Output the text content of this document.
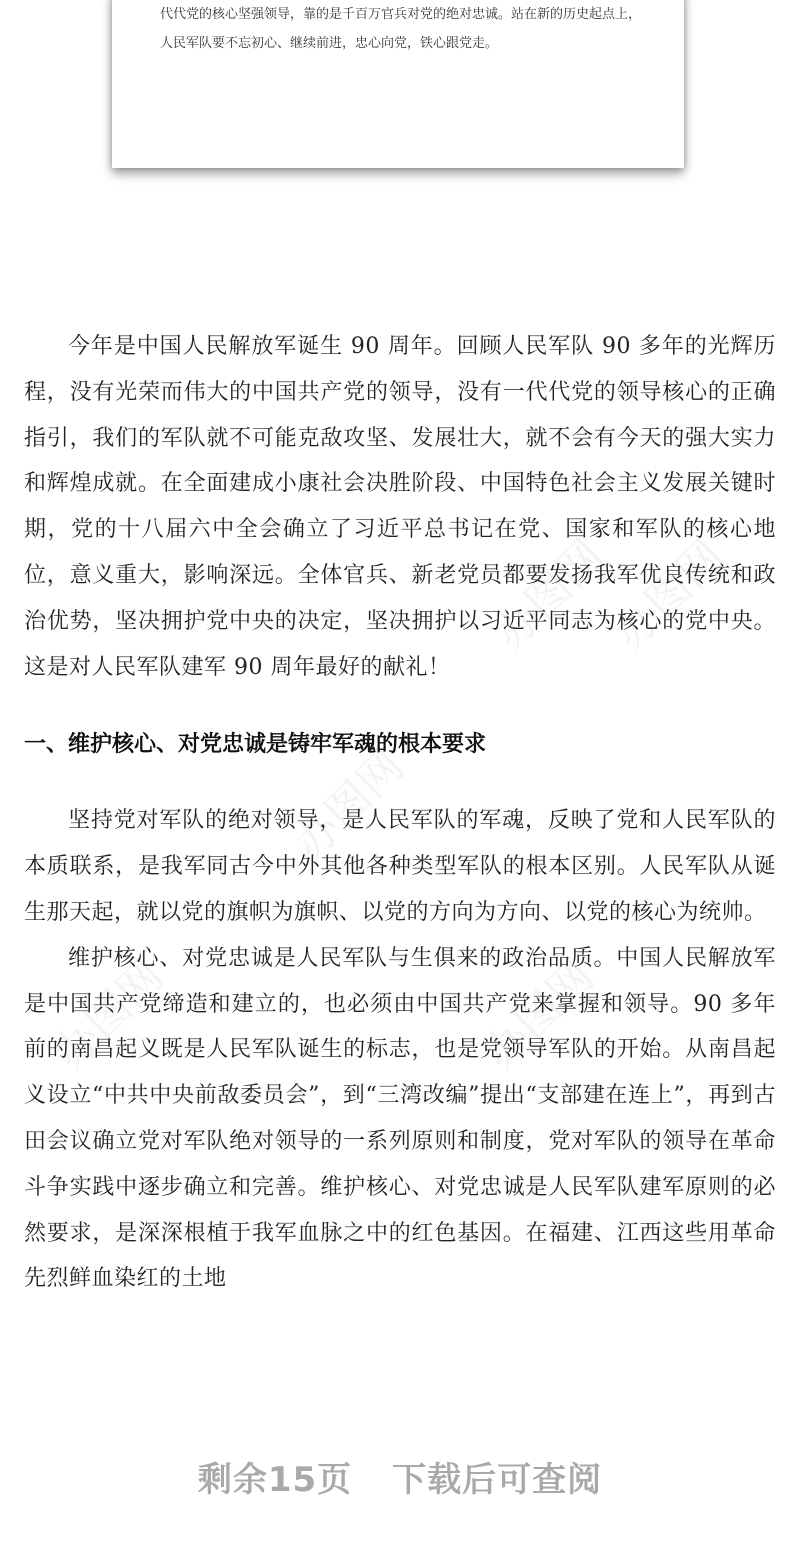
代代党的核心坚强领导，靠的是千百万官兵对党的绝对忠诚。站在新的历史起点上，人民军队要不忘初心、继续前进，忠心向党，铁心跟党走。

办图网
办图网
办图网
办图网
办图网

今年是中国人民解放军诞生 90 周年。回顾人民军队 90 多年的光辉历程，没有光荣而伟大的中国共产党的领导，没有一代代党的领导核心的正确指引，我们的军队就不可能克敌攻坚、发展壮大，就不会有今天的强大实力和辉煌成就。在全面建成小康社会决胜阶段、中国特色社会主义发展关键时期，党的十八届六中全会确立了习近平总书记在党、国家和军队的核心地位，意义重大，影响深远。全体官兵、新老党员都要发扬我军优良传统和政治优势，坚决拥护党中央的决定，坚决拥护以习近平同志为核心的党中央。这是对人民军队建军 90 周年最好的献礼！

一、维护核心、对党忠诚是铸牢军魂的根本要求

坚持党对军队的绝对领导，是人民军队的军魂，反映了党和人民军队的本质联系，是我军同古今中外其他各种类型军队的根本区别。人民军队从诞生那天起，就以党的旗帜为旗帜、以党的方向为方向、以党的核心为统帅。

维护核心、对党忠诚是人民军队与生俱来的政治品质。中国人民解放军是中国共产党缔造和建立的，也必须由中国共产党来掌握和领导。90 多年前的南昌起义既是人民军队诞生的标志，也是党领导军队的开始。从南昌起义设立“中共中央前敌委员会”，到“三湾改编”提出“支部建在连上”，再到古田会议确立党对军队绝对领导的一系列原则和制度，党对军队的领导在革命斗争实践中逐步确立和完善。维护核心、对党忠诚是人民军队建军原则的必然要求，是深深根植于我军血脉之中的红色基因。在福建、江西这些用革命先烈鲜血染红的土地

剩余15页 下载后可查阅
